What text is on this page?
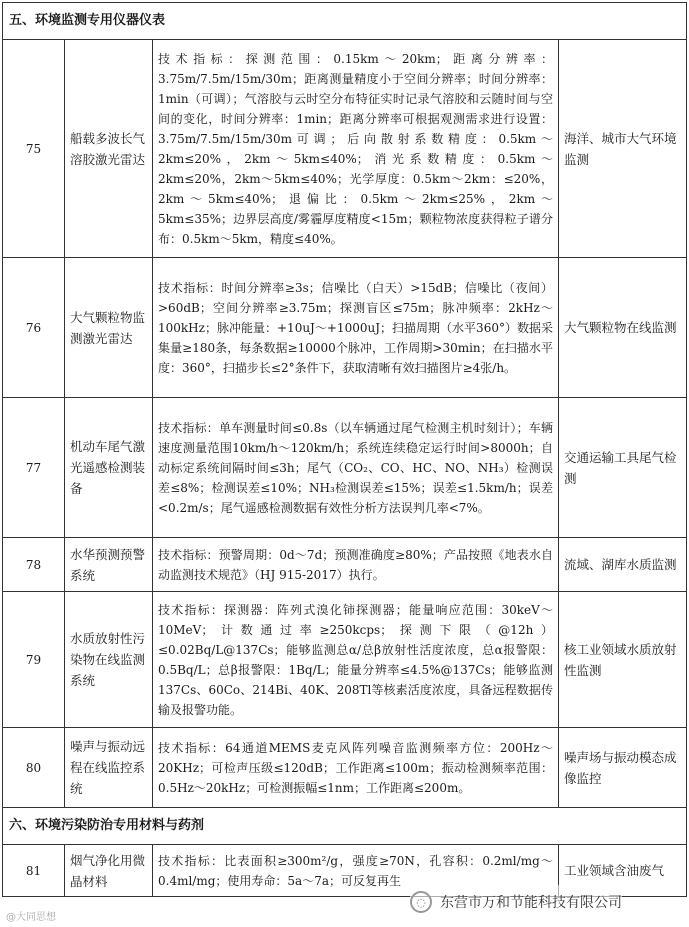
五、环境监测专用仪器仪表			
75	船载多波长气溶胶激光雷达	技术指标：探测范围：0.15km～20km；距离分辨率：3.75m/7.5m/15m/30m；距离测量精度小于空间分辨率；时间分辨率：1min（可调）；气溶胶与云时空分布特征实时记录气溶胶和云随时间与空间的变化，时间分辨率：1min；距离分辨率可根据观测需求进行设置：3.75m/7.5m/15m/30m可调；后向散射系数精度：0.5km～2km≤20%，2km～5km≤40%；消光系数精度：0.5km～2km≤20%，2km～5km≤40%；光学厚度：0.5km～2km：≤20%，2km～5km≤40%；退偏比：0.5km～2km≤25%，2km～5km≤35%；边界层高度/雾霾厚度精度<15m；颗粒物浓度获得粒子谱分布：0.5km～5km，精度≤40%。	海洋、城市大气环境监测
76	大气颗粒物监测激光雷达	技术指标：时间分辨率≥3s；信噪比（白天）>15dB；信噪比（夜间）>60dB；空间分辨率≥3.75m；探测盲区≤75m；脉冲频率：2kHz～100kHz；脉冲能量：+10uJ～+1000uJ；扫描周期（水平360°）数据采集量≥180条，每条数据≥10000个脉冲，工作周期>30min；在扫描水平度：360°，扫描步长≤2°条件下，获取清晰有效扫描图片≥4张/h。	大气颗粒物在线监测
77	机动车尾气激光遥感检测装备	技术指标：单车测量时间≤0.8s（以车辆通过尾气检测主机时刻计）；车辆速度测量范围10km/h～120km/h；系统连续稳定运行时间>8000h；自动标定系统间隔时间≤3h；尾气（CO₂、CO、HC、NO、NH₃）检测误差≤8%；检测误差≤10%；NH₃检测误差≤15%；误差≤1.5km/h；误差<0.2m/s；尾气遥感检测数据有效性分析方法误判几率<7%。	交通运输工具尾气检测
78	水华预测预警系统	技术指标：预警周期：0d～7d；预测准确度≥80%；产品按照《地表水自动监测技术规范》（HJ 915-2017）执行。	流域、湖库水质监测
79	水质放射性污染物在线监测系统	技术指标：探测器：阵列式溴化铈探测器；能量响应范围：30keV～10MeV；计数通过率≥250kcps；探测下限（@12h）≤0.02Bq/L@137Cs；能够监测总α/总β放射性活度浓度，总α报警限：0.5Bq/L；总β报警限：1Bq/L；能量分辨率≤4.5%@137Cs；能够监测137Cs、60Co、214Bi、40K、208Tl等核素活度浓度，具备远程数据传输及报警功能。	核工业领域水质放射性监测
80	噪声与振动远程在线监控系统	技术指标：64通道MEMS麦克风阵列噪音监测频率方位：200Hz～20KHz；可检声压级≤120dB；工作距离≤100m；振动检测频率范围：0.5Hz～20kHz；可检测振幅≤1nm；工作距离≤200m。	噪声场与振动模态成像监控
六、环境污染防治专用材料与药剂			
81	烟气净化用微晶材料	技术指标：比表面积≥300m²/g，强度≥70N，孔容积：0.2ml/mg～0.4ml/mg；使用寿命：5a～7a；可反复再生	工业领域含油废气
@大同思想
◌	东营市万和节能科技有限公司
